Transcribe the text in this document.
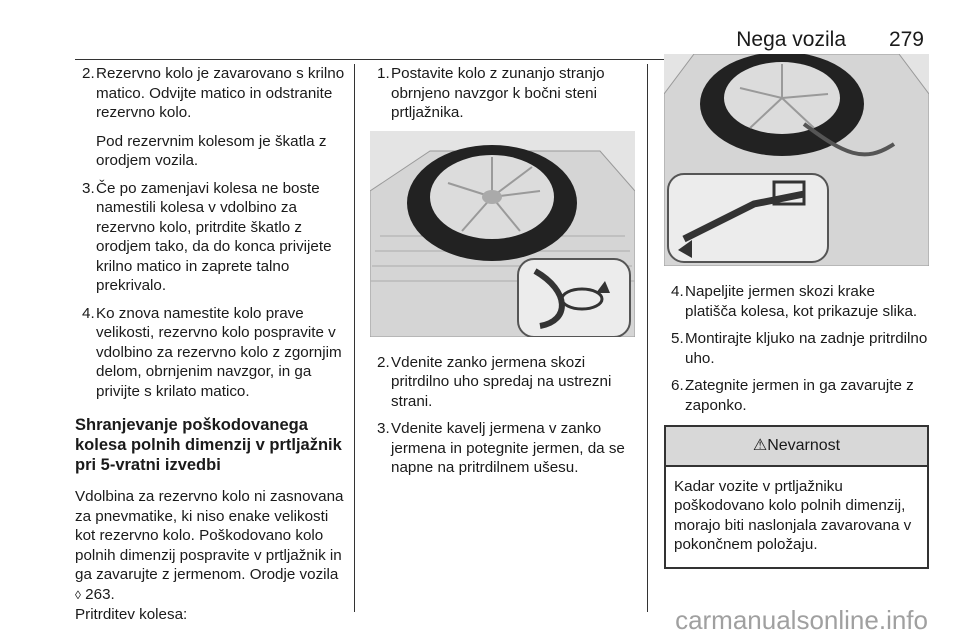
Nega vozila 279
2. Rezervno kolo je zavarovano s krilno matico. Odvijte matico in odstranite rezervno kolo.

Pod rezervnim kolesom je škatla z orodjem vozila.

3. Če po zamenjavi kolesa ne boste namestili kolesa v vdolbino za rezervno kolo, pritrdite škatlo z orodjem tako, da do konca privijete krilno matico in zaprete talno prekrivalo.

4. Ko znova namestite kolo prave velikosti, rezervno kolo pospravite v vdolbino za rezervno kolo z zgornjim delom, obrnjenim navzgor, in ga privijte s krilato matico.

Shranjevanje poškodovanega kolesa polnih dimenzij v prtljažnik pri 5-vratni izvedbi

Vdolbina za rezervno kolo ni zasnovana za pnevmatike, ki niso enake velikosti kot rezervno kolo. Poškodovano kolo polnih dimenzij pospravite v prtljažnik in ga zavarujte z jermenom. Orodje vozila ◊ 263.
Pritrditev kolesa:

1. Postavite kolo z zunanjo stranjo obrnjeno navzgor k bočni steni prtljažnika.

2. Vdenite zanko jermena skozi pritrdilno uho spredaj na ustrezni strani.

3. Vdenite kavelj jermena v zanko jermena in potegnite jermen, da se napne na pritrdilnem ušesu.

4. Napeljite jermen skozi krake platišča kolesa, kot prikazuje slika.

5. Montirajte kljuko na zadnje pritrdilno uho.

6. Zategnite jermen in ga zavarujte z zaponko.

⚠Nevarnost
Kadar vozite v prtljažniku poškodovano kolo polnih dimenzij, morajo biti naslonjala zavarovana v pokončnem položaju.
carmanualsonline.info
